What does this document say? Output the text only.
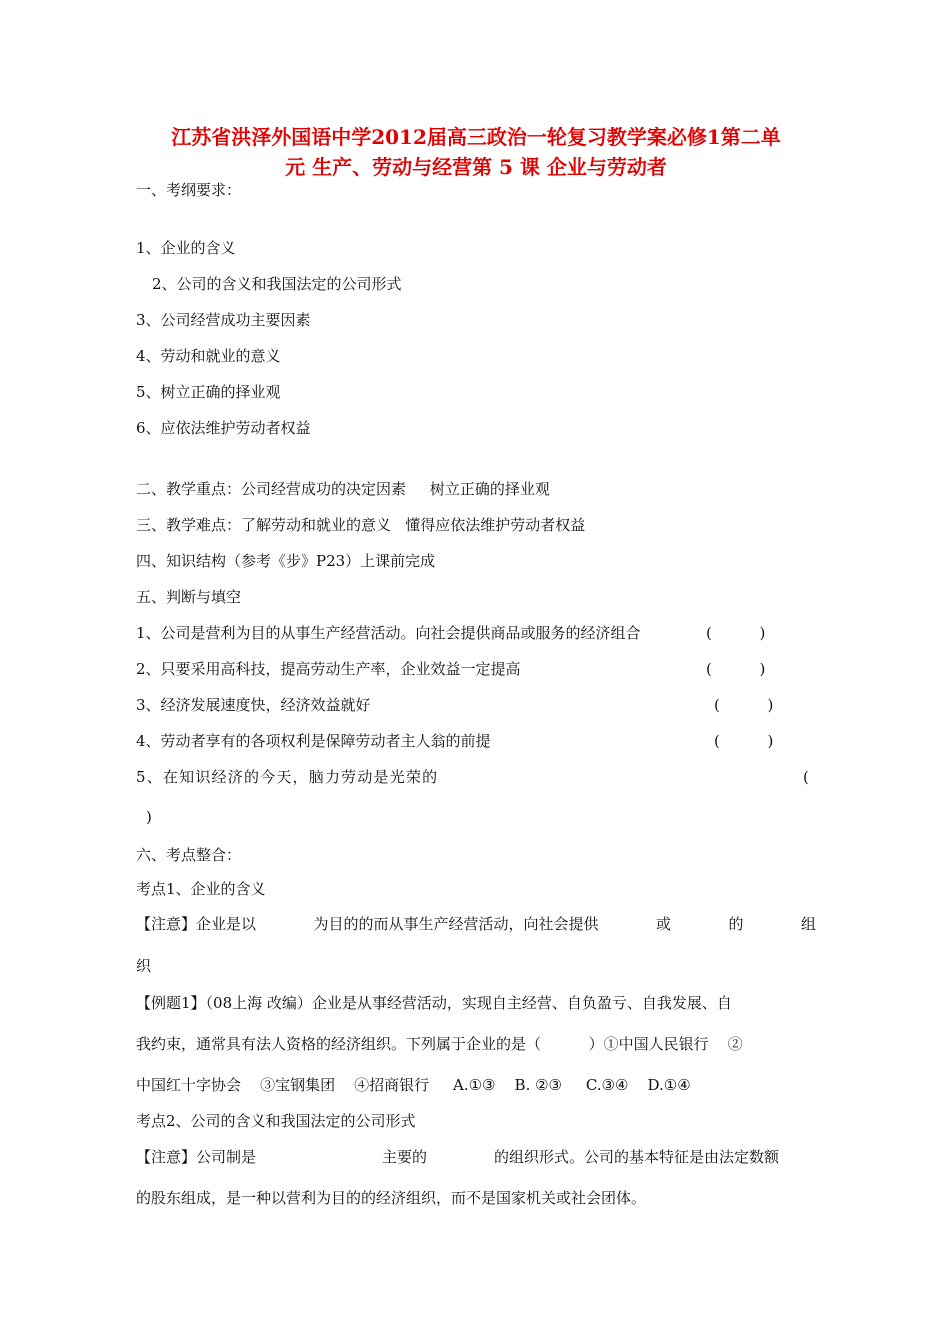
江苏省洪泽外国语中学2012届高三政治一轮复习教学案必修1第二单
元 生产、劳动与经营第 5 课 企业与劳动者
一、考纲要求：
1、企业的含义
2、公司的含义和我国法定的公司形式
3、公司经营成功主要因素
4、劳动和就业的意义
5、树立正确的择业观
6、应依法维护劳动者权益
二、教学重点：公司经营成功的决定因素     树立正确的择业观
三、教学难点：了解劳动和就业的意义   懂得应依法维护劳动者权益
四、知识结构（参考《步》P23）上课前完成
五、判断与填空
1、公司是营利为目的从事生产经营活动。向社会提供商品或服务的经济组合	(          )
2、只要采用高科技，提高劳动生产率，企业效益一定提高	(          )
3、经济发展速度快，经济效益就好	(          )
4、劳动者享有的各项权利是保障劳动者主人翁的前提	(          )
5、在知识经济的今天，脑力劳动是光荣的	(
)
六、考点整合：
考点1、企业的含义
【注意】企业是以	为目的的而从事生产经营活动，向社会提供	或	的	组
织
【例题1】（08上海 改编）企业是从事经营活动，实现自主经营、自负盈亏、自我发展、自
我约束，通常具有法人资格的经济组织。下列属于企业的是（          ）①中国人民银行    ②
中国红十字协会    ③宝钢集团    ④招商银行     A.①③    B. ②③     C.③④    D.①④
考点2、公司的含义和我国法定的公司形式
【注意】公司制是	主要的	的组织形式。公司的基本特征是由法定数额
的股东组成，是一种以营利为目的的经济组织，而不是国家机关或社会团体。
